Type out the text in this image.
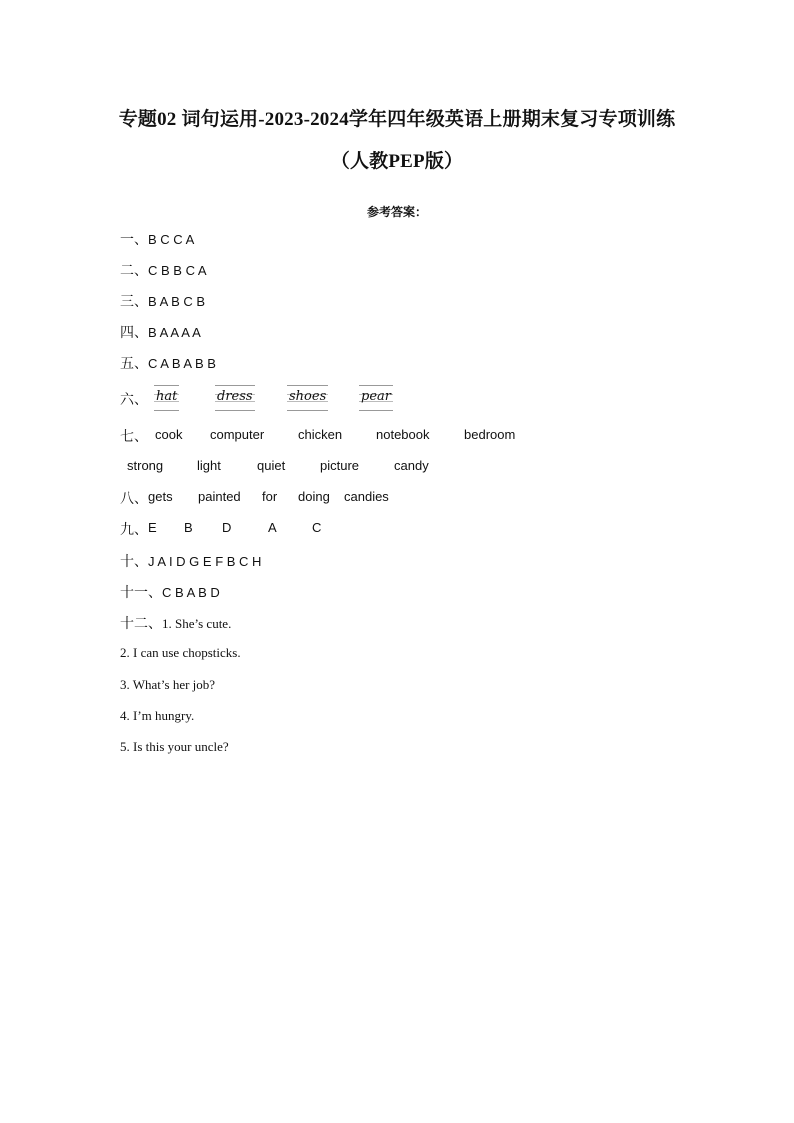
专题02 词句运用-2023-2024学年四年级英语上册期末复习专项训练
（人教PEP版）
参考答案：
一、B C C A
二、C B B C A
三、B A B C B
四、B A A A A
五、C A B A B B
六、 hat	dress	shoes	pear
七、 cook computer	chicken	notebook	bedroom
strong	light	quiet	picture	candy
八、 gets painted for doing candies
九、 E B D	A	C
十、J A I D G E F B C H
十一、C B A B D
十二、1. She’s cute.
2. I can use chopsticks.
3. What’s her job?
4. I’m hungry.
5. Is this your uncle?
